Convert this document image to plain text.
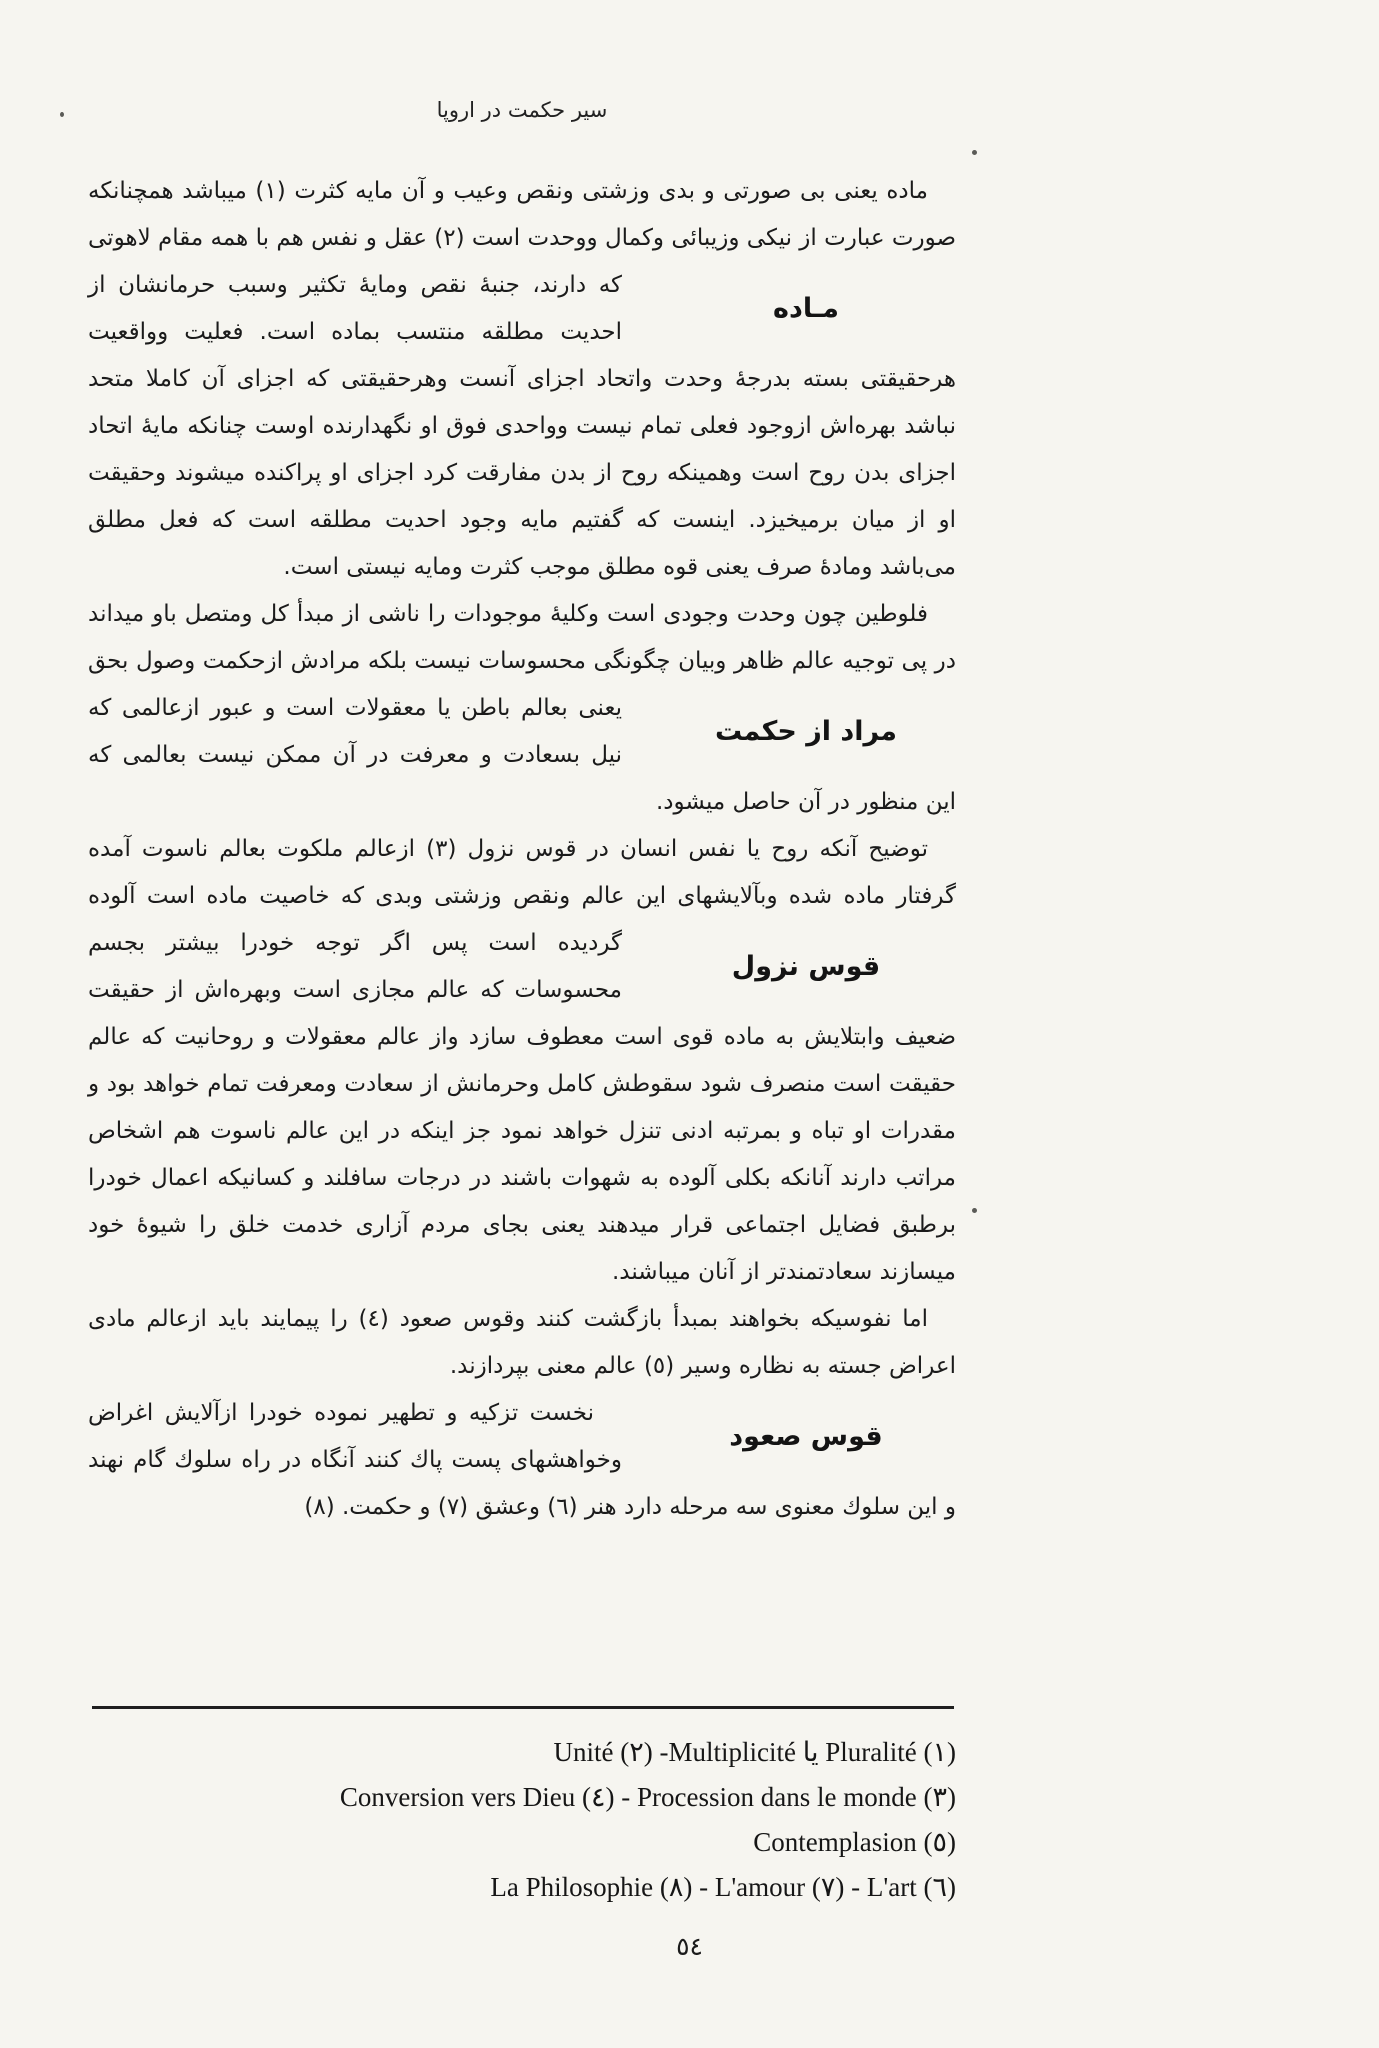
سير حكمت در اروپا

ماده يعنى بى صورتى و بدى وزشتى ونقص وعيب و آن مايه كثرت (١) ميباشد همچنانكه صورت عبارت از نيكى وزيبائى وكمال ووحدت است (٢) عقل و نفس هم با
مـاده
همه مقام لاهوتى كه دارند، جنبهٔ نقص ومايهٔ تكثير وسبب حرمانشان از احديت مطلقه منتسب بماده است. فعليت وواقعيت هرحقيقتى بسته بدرجهٔ وحدت واتحاد اجزاى آنست وهرحقيقتى كه اجزاى آن كاملا متحد نباشد بهره‌اش ازوجود فعلى تمام نيست وواحدى فوق او نگهدارنده اوست چنانكه مايهٔ اتحاد اجزاى بدن روح است وهمينكه روح از بدن مفارقت كرد اجزاى او پراكنده ميشوند وحقيقت او از ميان برميخيزد. اينست كه گفتيم مايه وجود احديت مطلقه است كه فعل مطلق مى‌باشد ومادهٔ صرف يعنى قوه مطلق موجب كثرت ومايه نيستى است.

فلوطين چون وحدت وجودى است وكليهٔ موجودات را ناشى از مبدأ كل ومتصل باو ميداند در پى توجيه عالم ظاهر وبيان چگونگى محسوسات نيست بلكه مرادش ازحكمت
مراد از حكمت
وصول بحق يعنى بعالم باطن يا معقولات است و عبور ازعالمى كه نيل بسعادت و معرفت در آن ممكن نيست بعالمى كه اين منظور در آن حاصل ميشود.

توضيح آنكه روح يا نفس انسان در قوس نزول (٣) ازعالم ملكوت بعالم ناسوت آمده گرفتار ماده شده وبآلايشهاى اين عالم ونقص وزشتى وبدى كه خاصيت ماده است
قوس نزول
آلوده گرديده است پس اگر توجه خودرا بيشتر بجسم محسوسات كه عالم مجازى است وبهره‌اش از حقيقت ضعيف وابتلايش به ماده قوى است معطوف سازد واز عالم معقولات و روحانيت كه عالم حقيقت است منصرف شود سقوطش كامل وحرمانش از سعادت ومعرفت تمام خواهد بود و مقدرات او تباه و بمرتبه ادنى تنزل خواهد نمود جز اينكه در اين عالم ناسوت هم اشخاص مراتب دارند آنانكه بكلى آلوده به شهوات باشند در درجات سافلند و كسانيكه اعمال خودرا برطبق فضايل اجتماعى قرار ميدهند يعنى بجاى مردم آزارى خدمت خلق را شيوهٔ خود ميسازند سعادتمندتر از آنان ميباشند.

اما نفوسيكه بخواهند بمبدأ بازگشت كنند وقوس صعود (٤) را پيمايند بايد ازعالم مادى اعراض جسته به نظاره وسير (٥) عالم معنى بپردازند.

قوس صعود
نخست تزكيه و تطهير نموده خودرا ازآلايش اغراض وخواهشهاى پست پاك كنند آنگاه در راه سلوك گام نهند و اين سلوك معنوى سه مرحله دارد هنر (٦) وعشق (٧) و حكمت. (٨)

Unité (٢) -Multiplicité يا Pluralité (١)
Conversion vers Dieu (٤) - Procession dans le monde (٣)
Contemplasion (٥)
La Philosophie (٨) - L'amour (٧) - L'art (٦)
٥٤
